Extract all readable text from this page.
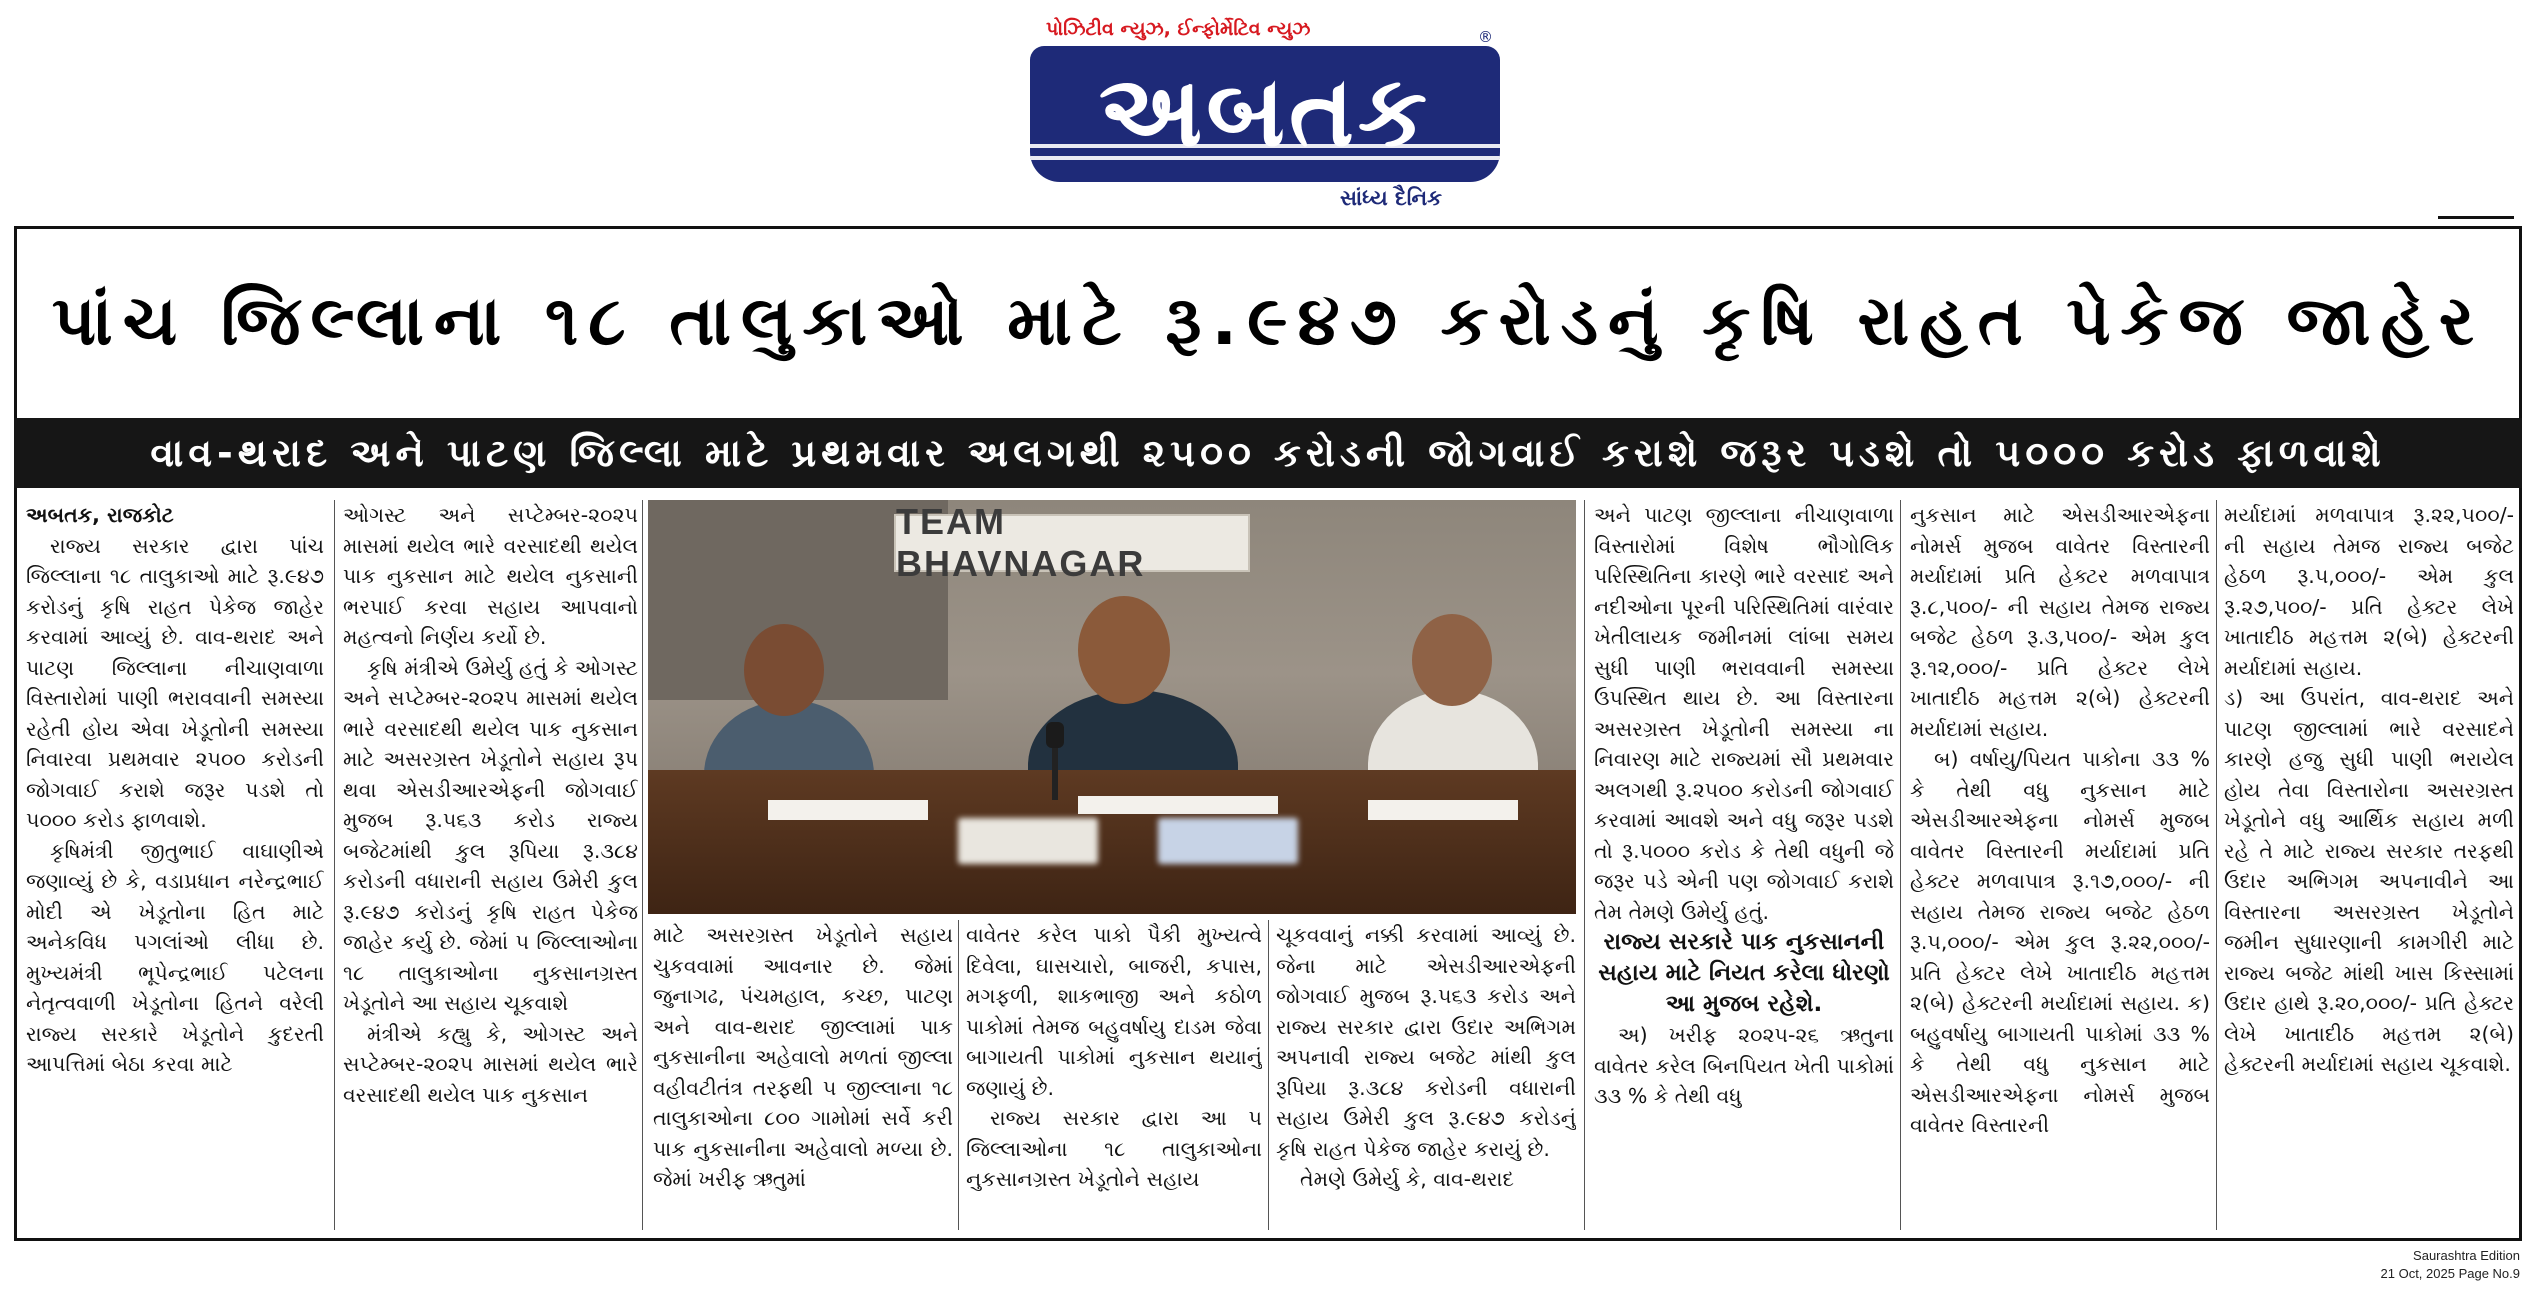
પોઝિટીવ ન્યુઝ, ઈન્ફોર્મેટિવ ન્યુઝ	®
અબતક
સાંધ્ય દૈનિક
પાંચ જિલ્લાના ૧૮ તાલુકાઓ માટે રૂ.૯૪૭ કરોડનું કૃષિ રાહત પેકેજ જાહેર
વાવ-થરાદ અને પાટણ જિલ્લા માટે પ્રથમવાર અલગથી ૨૫૦૦ કરોડની જોગવાઈ કરાશે જરૂર પડશે તો ૫૦૦૦ કરોડ ફાળવાશે

અબતક, રાજકોટ

રાજ્ય સરકાર દ્વારા પાંચ જિલ્લાના ૧૮ તાલુકાઓ માટે રૂ.૯૪૭ કરોડનું કૃષિ રાહત પેકેજ જાહેર કરવામાં આવ્યું છે. વાવ-થરાદ અને પાટણ જિલ્લાના નીચાણવાળા વિસ્તારોમાં પાણી ભરાવવાની સમસ્યા રહેતી હોય એવા ખેડૂતોની સમસ્યા નિવારવા પ્રથમવાર ૨૫૦૦ કરોડની જોગવાઈ કરાશે જરૂર પડશે તો ૫૦૦૦ કરોડ ફાળવાશે.

કૃષિમંત્રી જીતુભાઈ વાઘાણીએ જણાવ્યું છે કે, વડાપ્રધાન નરેન્દ્રભાઈ મોદી એ ખેડૂતોના હિત માટે અનેકવિધ પગલાંઓ લીધા છે. મુખ્યમંત્રી ભૂપેન્દ્રભાઈ પટેલના નેતૃત્વવાળી ખેડૂતોના હિતને વરેલી રાજ્ય સરકારે ખેડૂતોને કુદરતી આપત્તિમાં બેઠા કરવા માટે

ઓગસ્ટ અને સપ્ટેમ્બર-૨૦૨૫ માસમાં થયેલ ભારે વરસાદથી થયેલ પાક નુકસાન માટે થયેલ નુકસાની ભરપાઈ કરવા સહાય આપવાનો મહત્વનો નિર્ણય કર્યો છે.

કૃષિ મંત્રીએ ઉમેર્યુ હતું કે ઓગસ્ટ અને સપ્ટેમ્બર-૨૦૨૫ માસમાં થયેલ ભારે વરસાદથી થયેલ પાક નુકસાન માટે અસરગ્રસ્ત ખેડૂતોને સહાય રૂપ થવા એસડીઆરએફની જોગવાઈ મુજબ રૂ.૫૬૩ કરોડ રાજ્ય બજેટમાંથી કુલ રૂપિયા રૂ.૩૮૪ કરોડની વધારાની સહાય ઉમેરી કુલ રૂ.૯૪૭ કરોડનું કૃષિ રાહત પેકેજ જાહેર કર્યુ છે. જેમાં ૫ જિલ્લાઓના ૧૮ તાલુકાઓના નુકસાનગ્રસ્ત ખેડૂતોને આ સહાય ચૂકવાશે

મંત્રીએ કહ્યુ કે, ઓગસ્ટ અને સપ્ટેમ્બર-૨૦૨૫ માસમાં થયેલ ભારે વરસાદથી થયેલ પાક નુકસાન

TEAM BHAVNAGAR

માટે અસરગ્રસ્ત ખેડૂતોને સહાય ચુકવવામાં આવનાર છે. જેમાં જુનાગઢ, પંચમહાલ, કચ્છ, પાટણ અને વાવ-થરાદ જીલ્લામાં પાક નુકસાનીના અહેવાલો મળતાં જીલ્લા વહીવટીતંત્ર તરફથી ૫ જીલ્લાના ૧૮ તાલુકાઓના ૮૦૦ ગામોમાં સર્વે કરી પાક નુકસાનીના અહેવાલો મળ્યા છે. જેમાં ખરીફ ઋતુમાં

વાવેતર કરેલ પાકો પૈકી મુખ્યત્વે દિવેલા, ઘાસચારો, બાજરી, કપાસ, મગફળી, શાકભાજી અને કઠોળ પાકોમાં તેમજ બહુવર્ષાયુ દાડમ જેવા બાગાયતી પાકોમાં નુકસાન થયાનું જણાયું છે.

રાજ્ય સરકાર દ્વારા આ ૫ જિલ્લાઓના ૧૮ તાલુકાઓના નુકસાનગ્રસ્ત ખેડૂતોને સહાય

ચૂકવવાનું નક્કી કરવામાં આવ્યું છે. જેના માટે એસડીઆરએફની જોગવાઈ મુજબ રૂ.૫૬૩ કરોડ અને રાજ્ય સરકાર દ્વારા ઉદાર અભિગમ અપનાવી રાજ્ય બજેટ માંથી કુલ રૂપિયા રૂ.૩૮૪ કરોડની વધારાની સહાય ઉમેરી કુલ રૂ.૯૪૭ કરોડનું કૃષિ રાહત પેકેજ જાહેર કરાયું છે.

તેમણે ઉમેર્યુ કે, વાવ-થરાદ

અને પાટણ જીલ્લાના નીચાણવાળા વિસ્તારોમાં વિશેષ ભૌગોલિક પરિસ્થિતિના કારણે ભારે વરસાદ અને નદીઓના પૂરની પરિસ્થિતિમાં વારંવાર ખેતીલાયક જમીનમાં લાંબા સમય સુધી પાણી ભરાવવાની સમસ્યા ઉપસ્થિત થાય છે. આ વિસ્તારના અસરગ્રસ્ત ખેડૂતોની સમસ્યા ના નિવારણ માટે રાજ્યમાં સૌ પ્રથમવાર અલગથી રૂ.૨૫૦૦ કરોડની જોગવાઈ કરવામાં આવશે અને વધુ જરૂર પડશે તો રૂ.૫૦૦૦ કરોડ કે તેથી વધુની જે જરૂર પડે એની પણ જોગવાઈ કરાશે તેમ તેમણે ઉમેર્યુ હતું.

રાજ્ય સરકારે પાક નુકસાનની સહાય માટે નિયત કરેલા ધોરણો આ મુજબ રહેશે.

અ) ખરીફ ૨૦૨૫-૨૬ ઋતુના વાવેતર કરેલ બિનપિયત ખેતી પાકોમાં ૩૩ % કે તેથી વધુ

નુકસાન માટે એસડીઆરએફના નોમર્સ મુજબ વાવેતર વિસ્તારની મર્યાદામાં પ્રતિ હેક્ટર મળવાપાત્ર રૂ.૮,૫૦૦/- ની સહાય તેમજ રાજ્ય બજેટ હેઠળ રૂ.૩,૫૦૦/- એમ કુલ રૂ.૧૨,૦૦૦/- પ્રતિ હેક્ટર લેખે ખાતાદીઠ મહત્તમ ૨(બે) હેક્ટરની મર્યાદામાં સહાય.

બ) વર્ષાયુ/પિયત પાકોના ૩૩ % કે તેથી વધુ નુકસાન માટે એસડીઆરએફના નોમર્સ મુજબ વાવેતર વિસ્તારની મર્યાદામાં પ્રતિ હેક્ટર મળવાપાત્ર રૂ.૧૭,૦૦૦/- ની સહાય તેમજ રાજ્ય બજેટ હેઠળ રૂ.૫,૦૦૦/- એમ કુલ રૂ.૨૨,૦૦૦/- પ્રતિ હેક્ટર લેખે ખાતાદીઠ મહત્તમ ૨(બે) હેક્ટરની મર્યાદામાં સહાય. ક) બહુવર્ષાયુ બાગાયતી પાકોમાં ૩૩ % કે તેથી વધુ નુકસાન માટે એસડીઆરએફના નોમર્સ મુજબ વાવેતર વિસ્તારની

મર્યાદામાં મળવાપાત્ર રૂ.૨૨,૫૦૦/- ની સહાય તેમજ રાજ્ય બજેટ હેઠળ રૂ.૫,૦૦૦/- એમ કુલ રૂ.૨૭,૫૦૦/- પ્રતિ હેક્ટર લેખે ખાતાદીઠ મહત્તમ ૨(બે) હેક્ટરની મર્યાદામાં સહાય.

ડ) આ ઉપરાંત, વાવ-થરાદ અને પાટણ જીલ્લામાં ભારે વરસાદને કારણે હજુ સુધી પાણી ભરાયેલ હોય તેવા વિસ્તારોના અસરગ્રસ્ત ખેડૂતોને વધુ આર્થિક સહાય મળી રહે તે માટે રાજ્ય સરકાર તરફથી ઉદાર અભિગમ અપનાવીને આ વિસ્તારના અસરગ્રસ્ત ખેડૂતોને જમીન સુધારણાની કામગીરી માટે રાજ્ય બજેટ માંથી ખાસ કિસ્સામાં ઉદાર હાથે રૂ.૨૦,૦૦૦/- પ્રતિ હેક્ટર લેખે ખાતાદીઠ મહત્તમ ૨(બે) હેક્ટરની મર્યાદામાં સહાય ચૂકવાશે.

Saurashtra Edition
21 Oct, 2025 Page No.9
